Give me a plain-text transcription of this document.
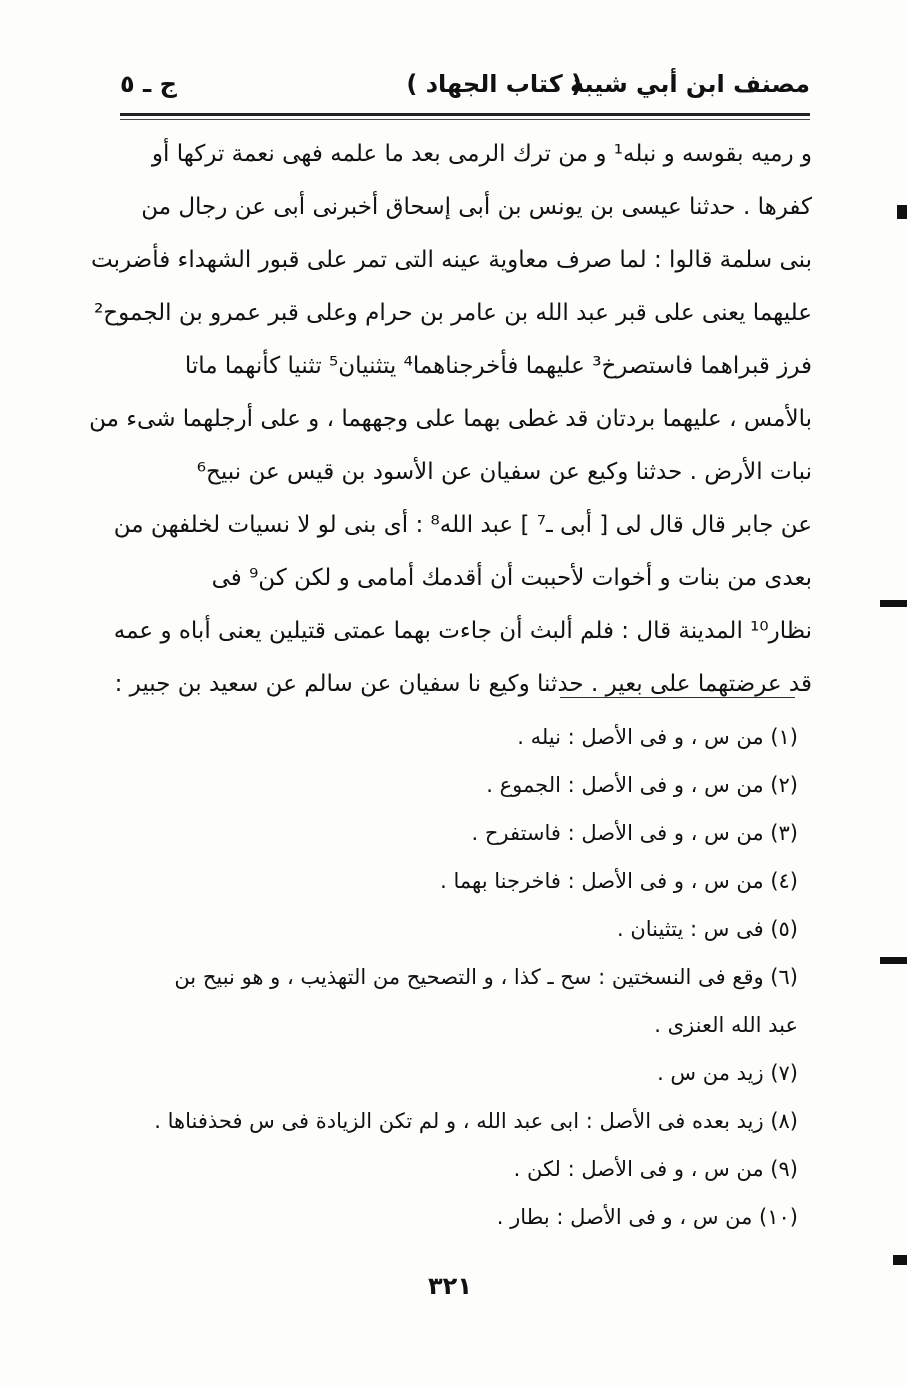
مصنف ابن أبي شيبة
( كتاب الجهاد )
ج ـ ٥
و رميه بقوسه و نبله¹ و من ترك الرمى بعد ما علمه فهى نعمة تركها أو
كفرها . حدثنا عيسى بن يونس بن أبى إسحاق أخبرنى أبى عن رجال من
بنى سلمة قالوا : لما صرف معاوية عينه التى تمر على قبور الشهداء فأضربت
عليهما يعنى على قبر عبد الله بن عامر بن حرام وعلى قبر عمرو بن الجموح²
فرز قبراهما فاستصرخ³ عليهما فأخرجناهما⁴ يتثنيان⁵ تثنيا كأنهما ماتا
بالأمس ، عليهما بردتان قد غطى بهما على وجههما ، و على أرجلهما شىء من
نبات الأرض . حدثنا وكيع عن سفيان عن الأسود بن قيس عن نبيح⁶
عن جابر قال قال لى [ أبى ـ⁷ ] عبد الله⁸ : أى بنى لو لا نسيات لخلفهن من
بعدى من بنات و أخوات لأحببت أن أقدمك أمامى و لكن كن⁹ فى
نظار¹⁰ المدينة قال : فلم ألبث أن جاءت بهما عمتى قتيلين يعنى أباه و عمه
قد عرضتهما على بعير . حدثنا وكيع نا سفيان عن سالم عن سعيد بن جبير :
(١) من س ، و فى الأصل : نيله .
(٢) من س ، و فى الأصل : الجموع .
(٣) من س ، و فى الأصل : فاستفرح .
(٤) من س ، و فى الأصل : فاخرجنا بهما .
(٥) فى س : يتثينان .
(٦) وقع فى النسختين : سح ـ كذا ، و التصحيح من التهذيب ، و هو نبيح بن
عبد الله العنزى .
(٧) زيد من س .
(٨) زيد بعده فى الأصل : ابى عبد الله ، و لم تكن الزيادة فى س فحذفناها .
(٩) من س ، و فى الأصل : لكن .
(١٠) من س ، و فى الأصل : بطار .
٣٢١
